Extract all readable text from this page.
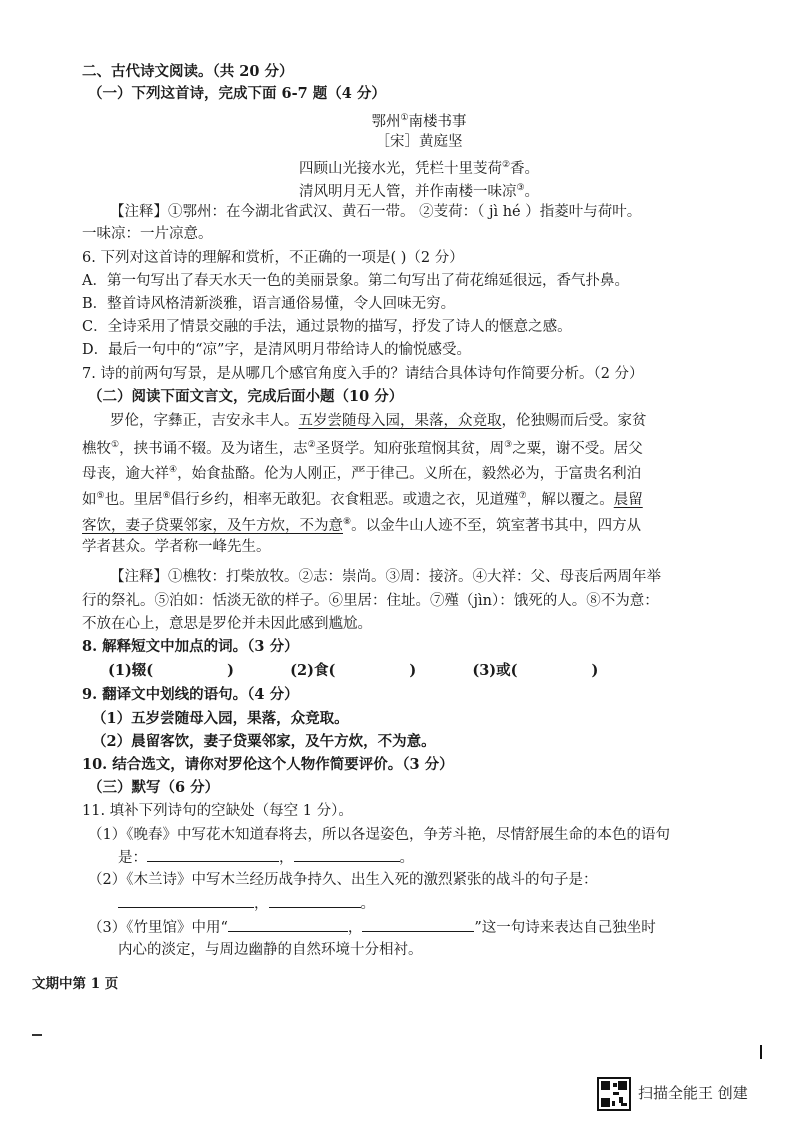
二、古代诗文阅读。（共 20 分）
（一）下列这首诗，完成下面 6-7 题（4 分）
鄂州①南楼书事
［宋］黄庭坚
四顾山光接水光，凭栏十里芰荷②香。
清风明月无人管，并作南楼一味凉③。
【注释】①鄂州：在今湖北省武汉、黄石一带。 ②芰荷：（ jì hé ）指菱叶与荷叶。
一味凉：一片凉意。
6. 下列对这首诗的理解和赏析，不正确的一项是( )（2 分）
A．第一句写出了春天水天一色的美丽景象。第二句写出了荷花绵延很远，香气扑鼻。
B．整首诗风格清新淡雅，语言通俗易懂，令人回味无穷。
C．全诗采用了情景交融的手法，通过景物的描写，抒发了诗人的惬意之感。
D．最后一句中的“凉”字，是清风明月带给诗人的愉悦感受。
7. 诗的前两句写景，是从哪几个感官角度入手的？请结合具体诗句作简要分析。（2 分）
（二）阅读下面文言文，完成后面小题（10 分）
罗伦，字彝正，吉安永丰人。五岁尝随母入园，果落，众竞取，伦独赐而后受。家贫
樵牧①，挟书诵不辍。及为诸生，志②圣贤学。知府张瑄悯其贫，周③之粟，谢不受。居父
母丧，逾大祥④，始食盐酪。伦为人刚正，严于律己。义所在，毅然必为，于富贵名利泊
如⑤也。里居⑥倡行乡约，相率无敢犯。衣食粗恶。或遗之衣，见道殣⑦，解以覆之。晨留
客饮，妻子贷粟邻家，及午方炊，不为意⑧。以金牛山人迹不至，筑室著书其中，四方从
学者甚众。学者称一峰先生。
【注释】①樵牧：打柴放牧。②志：崇尚。③周：接济。④大祥：父、母丧后两周年举
行的祭礼。⑤泊如：恬淡无欲的样子。⑥里居：住址。⑦殣（jìn）：饿死的人。⑧不为意：
不放在心上，意思是罗伦并未因此感到尴尬。
8. 解释短文中加点的词。（3 分）
(1)辍(	)	(2)食(	)	(3)或(	)
9. 翻译文中划线的语句。（4 分）
（1）五岁尝随母入园，果落，众竞取。
（2）晨留客饮，妻子贷粟邻家，及午方炊，不为意。
10. 结合选文，请你对罗伦这个人物作简要评价。（3 分）
（三）默写（6 分）
11. 填补下列诗句的空缺处（每空 1 分）。
（1）《晚春》中写花木知道春将去，所以各逞姿色，争芳斗艳，尽情舒展生命的本色的语句
是：	，	。
（2）《木兰诗》中写木兰经历战争持久、出生入死的激烈紧张的战斗的句子是：
，	。
（3）《竹里馆》中用“	，	”这一句诗来表达自己独坐时
内心的淡定，与周边幽静的自然环境十分相衬。
文期中第 1 页
扫描全能王 创建
